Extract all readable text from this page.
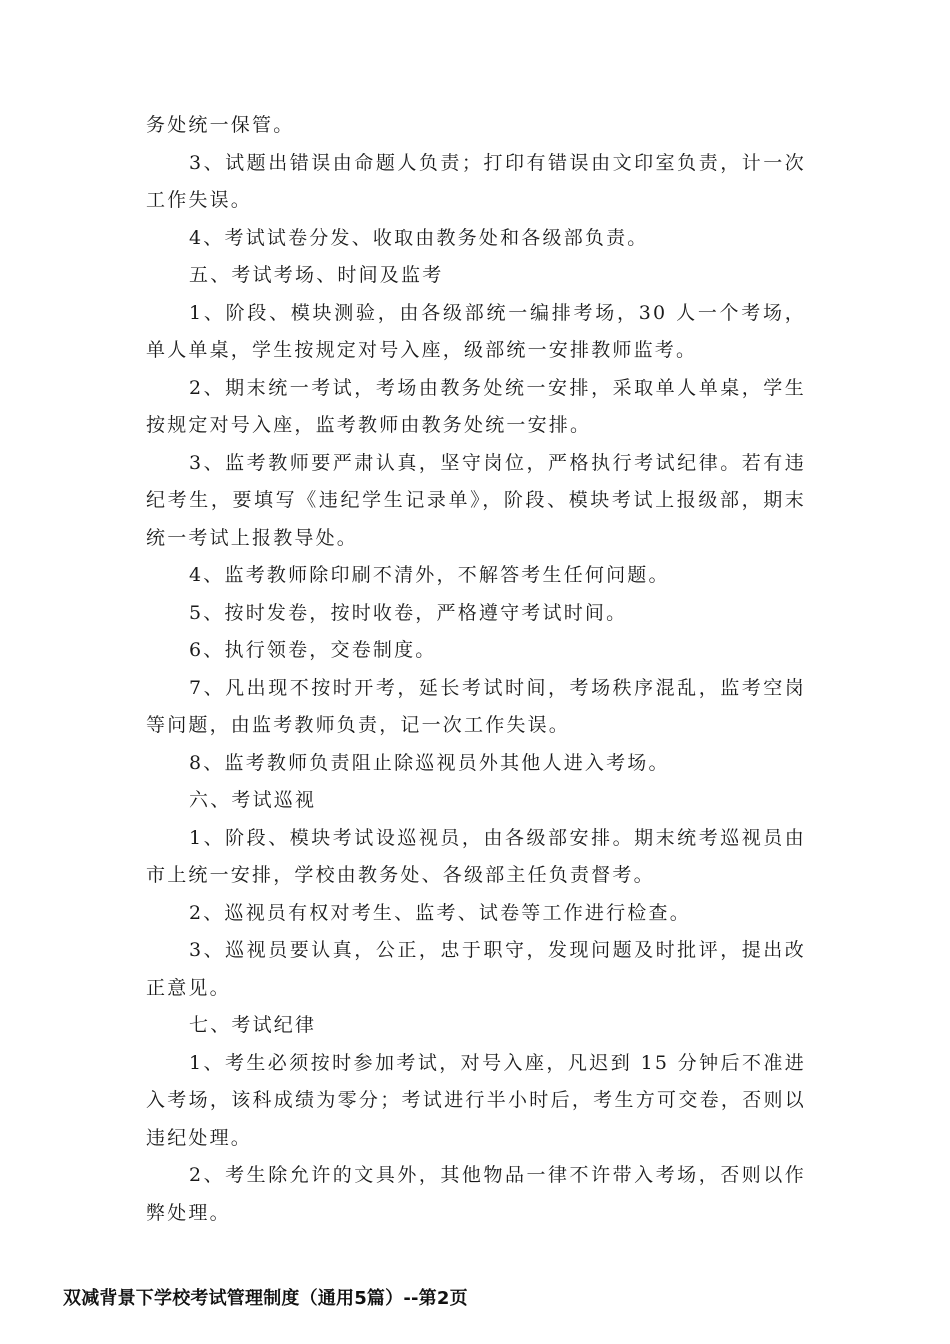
务处统一保管。

3、试题出错误由命题人负责；打印有错误由文印室负责，计一次工作失误。

4、考试试卷分发、收取由教务处和各级部负责。

五、考试考场、时间及监考

1、阶段、模块测验，由各级部统一编排考场，30 人一个考场，单人单桌，学生按规定对号入座，级部统一安排教师监考。

2、期末统一考试，考场由教务处统一安排，采取单人单桌，学生按规定对号入座，监考教师由教务处统一安排。

3、监考教师要严肃认真，坚守岗位，严格执行考试纪律。若有违纪考生，要填写《违纪学生记录单》，阶段、模块考试上报级部，期末统一考试上报教导处。

4、监考教师除印刷不清外，不解答考生任何问题。

5、按时发卷，按时收卷，严格遵守考试时间。

6、执行领卷，交卷制度。

7、凡出现不按时开考，延长考试时间，考场秩序混乱，监考空岗等问题，由监考教师负责，记一次工作失误。

8、监考教师负责阻止除巡视员外其他人进入考场。

六、考试巡视

1、阶段、模块考试设巡视员，由各级部安排。期末统考巡视员由市上统一安排，学校由教务处、各级部主任负责督考。

2、巡视员有权对考生、监考、试卷等工作进行检查。

3、巡视员要认真，公正，忠于职守，发现问题及时批评，提出改正意见。

七、考试纪律

1、考生必须按时参加考试，对号入座，凡迟到 15 分钟后不准进入考场，该科成绩为零分；考试进行半小时后，考生方可交卷，否则以违纪处理。

2、考生除允许的文具外，其他物品一律不许带入考场，否则以作弊处理。

双减背景下学校考试管理制度（通用5篇）--第2页
